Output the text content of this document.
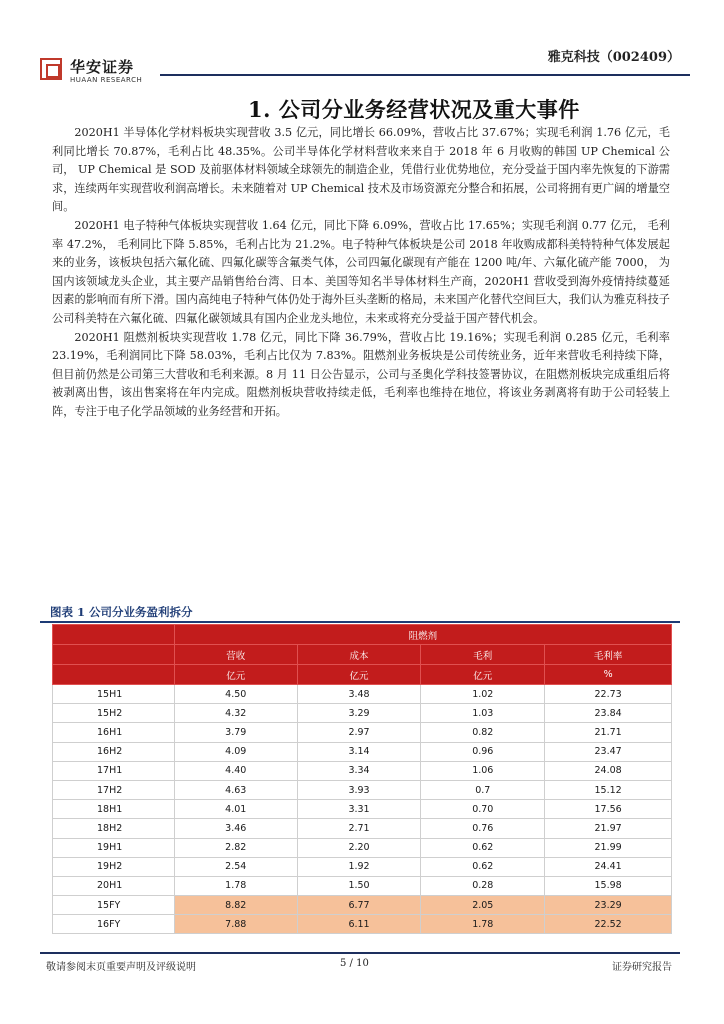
华安证券
HUAAN RESEARCH
雅克科技（002409）
1. 公司分业务经营状况及重大事件

2020H1 半导体化学材料板块实现营收 3.5 亿元，同比增长 66.09%，营收占比 37.67%；实现毛利润 1.76 亿元，毛利同比增长 70.87%，毛利占比 48.35%。公司半导体化学材料营收来来自于 2018 年 6 月收购的韩国 UP Chemical 公司， UP Chemical 是 SOD 及前驱体材料领域全球领先的制造企业，凭借行业优势地位，充分受益于国内率先恢复的下游需求，连续两年实现营收利润高增长。未来随着对 UP Chemical 技术及市场资源充分整合和拓展，公司将拥有更广阔的增量空间。

2020H1 电子特种气体板块实现营收 1.64 亿元，同比下降 6.09%，营收占比 17.65%；实现毛利润 0.77 亿元， 毛利率 47.2%， 毛利同比下降 5.85%，毛利占比为 21.2%。电子特种气体板块是公司 2018 年收购成都科美特特种气体发展起来的业务，该板块包括六氟化硫、四氟化碳等含氟类气体，公司四氟化碳现有产能在 1200 吨/年、六氟化硫产能 7000， 为国内该领域龙头企业，其主要产品销售给台湾、日本、美国等知名半导体材料生产商，2020H1 营收受到海外疫情持续蔓延因素的影响而有所下滑。国内高纯电子特种气体仍处于海外巨头垄断的格局，未来国产化替代空间巨大，我们认为雅克科技子公司科美特在六氟化硫、四氟化碳领域具有国内企业龙头地位，未来或将充分受益于国产替代机会。

2020H1 阻燃剂板块实现营收 1.78 亿元，同比下降 36.79%，营收占比 19.16%；实现毛利润 0.285 亿元，毛利率 23.19%，毛利润同比下降 58.03%，毛利占比仅为 7.83%。阻燃剂业务板块是公司传统业务，近年来营收毛利持续下降，但目前仍然是公司第三大营收和毛利来源。8 月 11 日公告显示，公司与圣奥化学科技签署协议，在阻燃剂板块完成重组后将被剥离出售，该出售案将在年内完成。阻燃剂板块营收持续走低，毛利率也维持在地位，将该业务剥离将有助于公司轻装上阵，专注于电子化学品领域的业务经营和开拓。

图表 1 公司分业务盈利拆分
	阻燃剂			
	营收	成本	毛利	毛利率
	亿元	亿元	亿元	%
15H1	4.50	3.48	1.02	22.73
15H2	4.32	3.29	1.03	23.84
16H1	3.79	2.97	0.82	21.71
16H2	4.09	3.14	0.96	23.47
17H1	4.40	3.34	1.06	24.08
17H2	4.63	3.93	0.7	15.12
18H1	4.01	3.31	0.70	17.56
18H2	3.46	2.71	0.76	21.97
19H1	2.82	2.20	0.62	21.99
19H2	2.54	1.92	0.62	24.41
20H1	1.78	1.50	0.28	15.98
15FY	8.82	6.77	2.05	23.29
16FY	7.88	6.11	1.78	22.52
敬请参阅末页重要声明及评级说明	5 / 10	证券研究报告
